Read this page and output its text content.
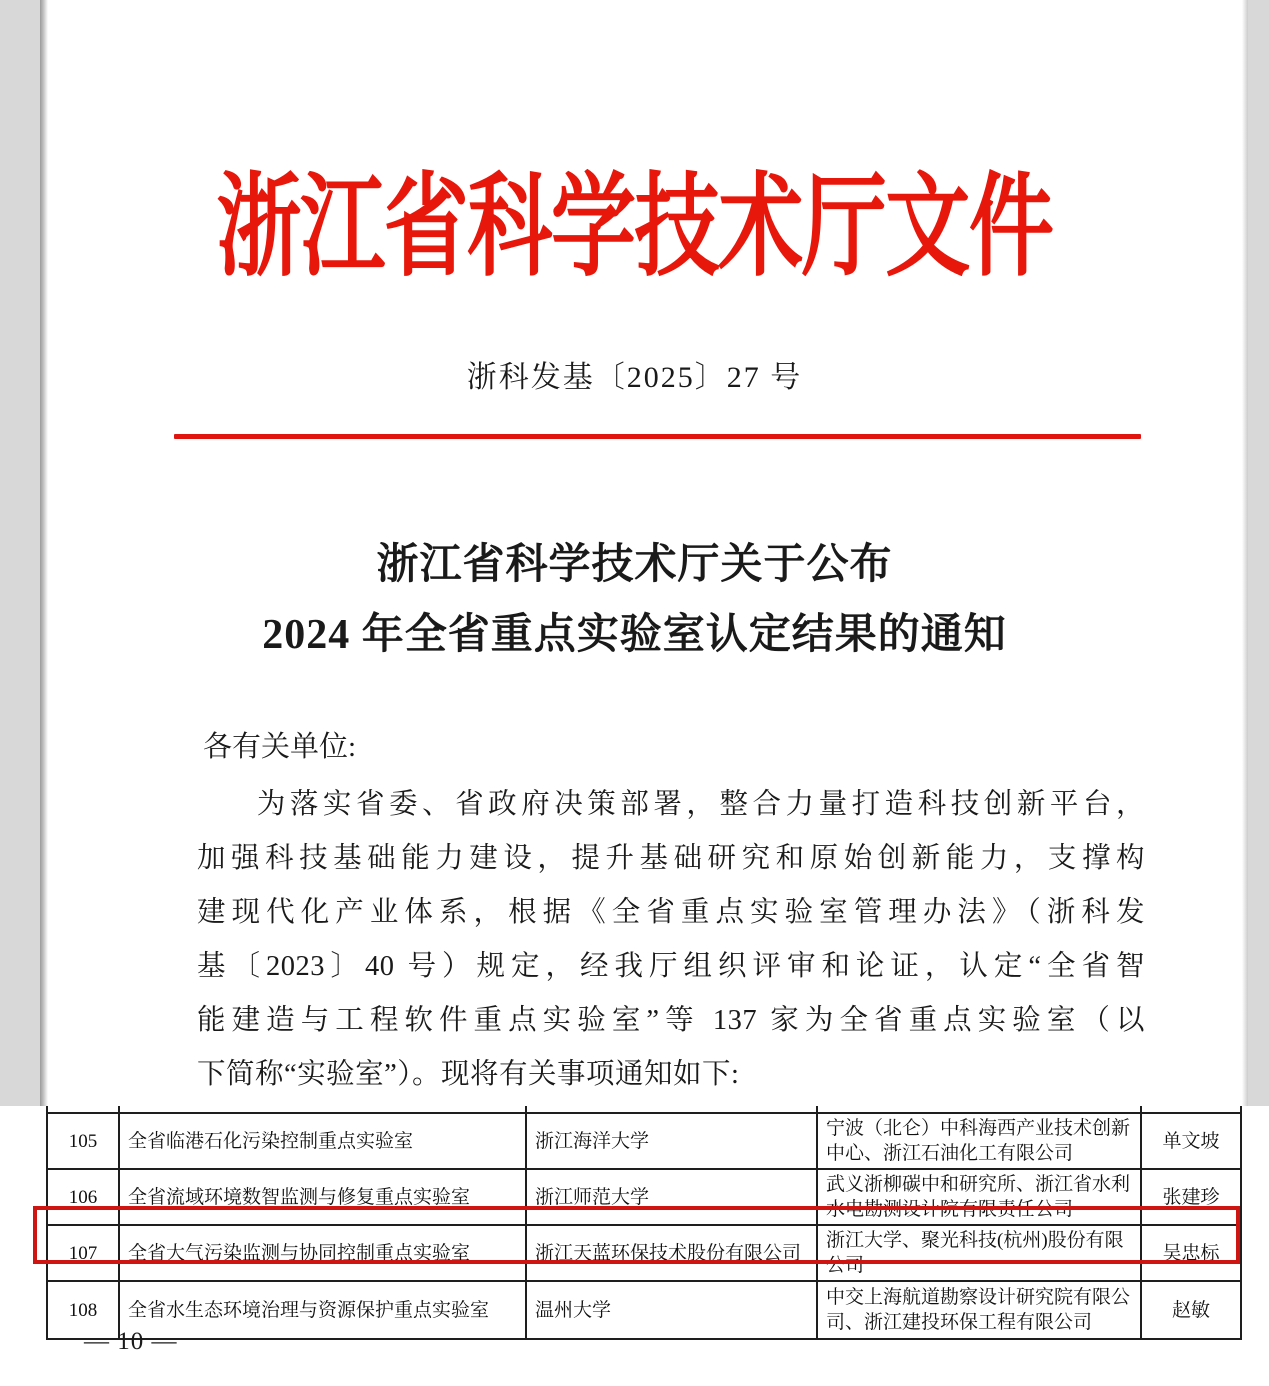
浙江省科学技术厅文件
浙科发基〔2025〕27 号
浙江省科学技术厅关于公布
2024 年全省重点实验室认定结果的通知
各有关单位:
为落实省委、省政府决策部署，整合力量打造科技创新平台，
加强科技基础能力建设，提升基础研究和原始创新能力，支撑构
建现代化产业体系，根据《全省重点实验室管理办法》（浙科发
基〔2023〕40 号）规定，经我厅组织评审和论证，认定“全省智
能建造与工程软件重点实验室”等 137 家为全省重点实验室（以
下简称“实验室”）。现将有关事项通知如下:

105	全省临港石化污染控制重点实验室	浙江海洋大学	宁波（北仑）中科海西产业技术创新中心、浙江石油化工有限公司	单文坡
106	全省流域环境数智监测与修复重点实验室	浙江师范大学	武义浙柳碳中和研究所、浙江省水利水电勘测设计院有限责任公司	张建珍
107	全省大气污染监测与协同控制重点实验室	浙江天蓝环保技术股份有限公司	浙江大学、聚光科技(杭州)股份有限公司	吴忠标
108	全省水生态环境治理与资源保护重点实验室	温州大学	中交上海航道勘察设计研究院有限公司、浙江建投环保工程有限公司	赵敏
— 10 —
